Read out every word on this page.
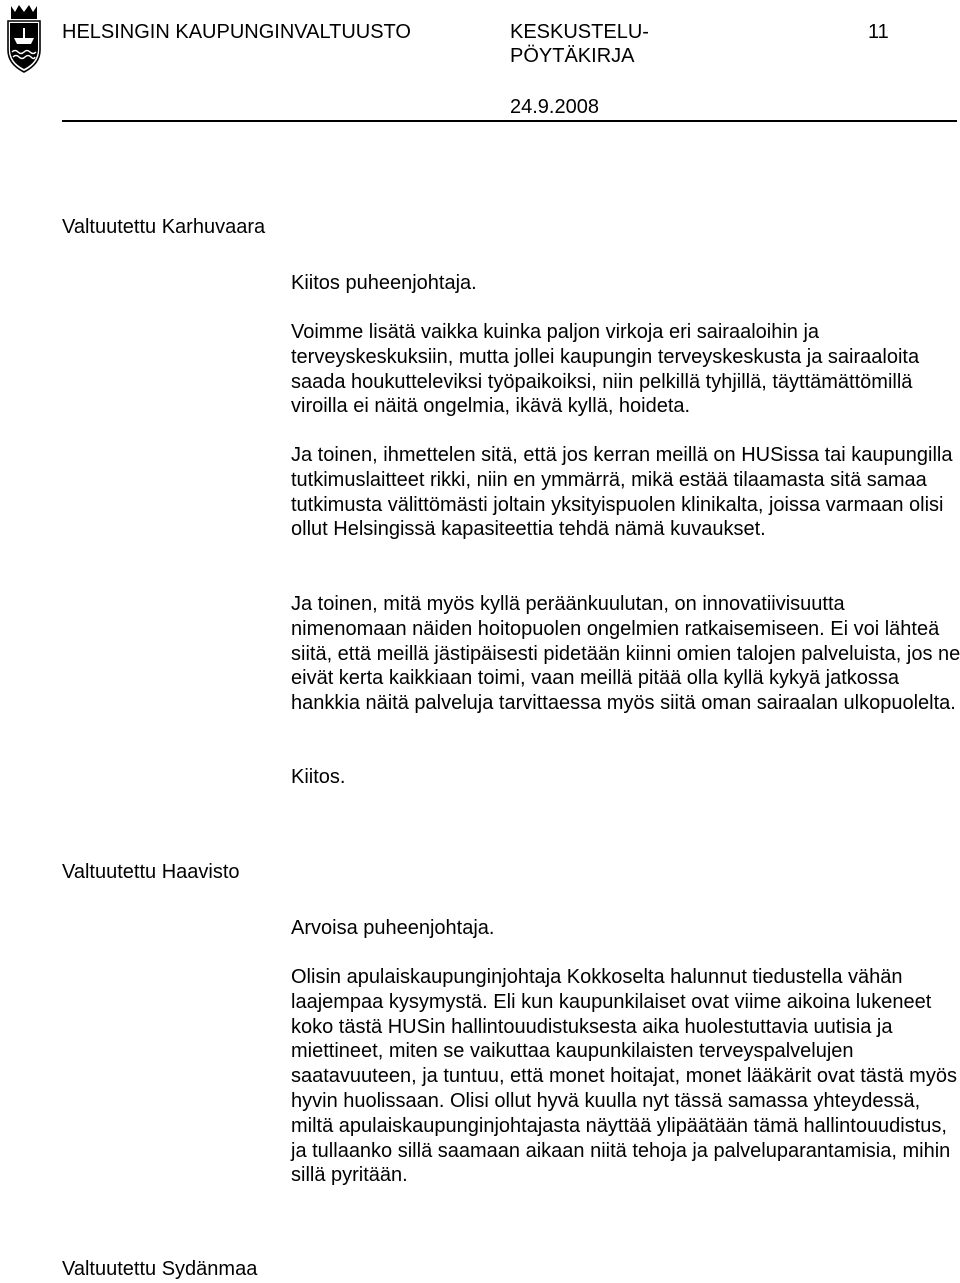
HELSINGIN KAUPUNGINVALTUUSTO	KESKUSTELU-
PÖYTÄKIRJA
11
24.9.2008

Valtuutettu Karhuvaara

Kiitos puheenjohtaja.

Voimme lisätä vaikka kuinka paljon virkoja eri sairaaloihin ja terveyskeskuksiin, mutta jollei kaupungin terveyskeskusta ja sairaaloita saada houkutteleviksi työpaikoiksi, niin pelkillä tyhjillä, täyttämättömillä viroilla ei näitä ongelmia, ikävä kyllä, hoideta.

Ja toinen, ihmettelen sitä, että jos kerran meillä on HUSissa tai kaupungilla tutkimuslaitteet rikki, niin en ymmärrä, mikä estää tilaamasta sitä samaa tutkimusta välittömästi joltain yksityispuolen klinikalta, joissa varmaan olisi ollut Helsingissä kapasiteettia tehdä nämä kuvaukset.

Ja toinen, mitä myös kyllä peräänkuulutan, on innovatiivisuutta nimenomaan näiden hoitopuolen ongelmien ratkaisemiseen. Ei voi lähteä siitä, että meillä jästipäisesti pidetään kiinni omien talojen palveluista, jos ne eivät kerta kaikkiaan toimi, vaan meillä pitää olla kyllä kykyä jatkossa hankkia näitä palveluja tarvittaessa myös siitä oman sairaalan ulkopuolelta.

Kiitos.

Valtuutettu Haavisto

Arvoisa puheenjohtaja.

Olisin apulaiskaupunginjohtaja Kokkoselta halunnut tiedustella vähän laajempaa kysymystä. Eli kun kaupunkilaiset ovat viime aikoina lukeneet koko tästä HUSin hallintouudistuksesta aika huolestuttavia uutisia ja miettineet, miten se vaikuttaa kaupunkilaisten terveyspalvelujen saatavuuteen, ja tuntuu, että monet hoitajat, monet lääkärit ovat tästä myös hyvin huolissaan. Olisi ollut hyvä kuulla nyt tässä samassa yhteydessä, miltä apulaiskaupunginjohtajasta näyttää ylipäätään tämä hallintouudistus, ja tullaanko sillä saamaan aikaan niitä tehoja ja palveluparantamisia, mihin sillä pyritään.

Valtuutettu Sydänmaa
